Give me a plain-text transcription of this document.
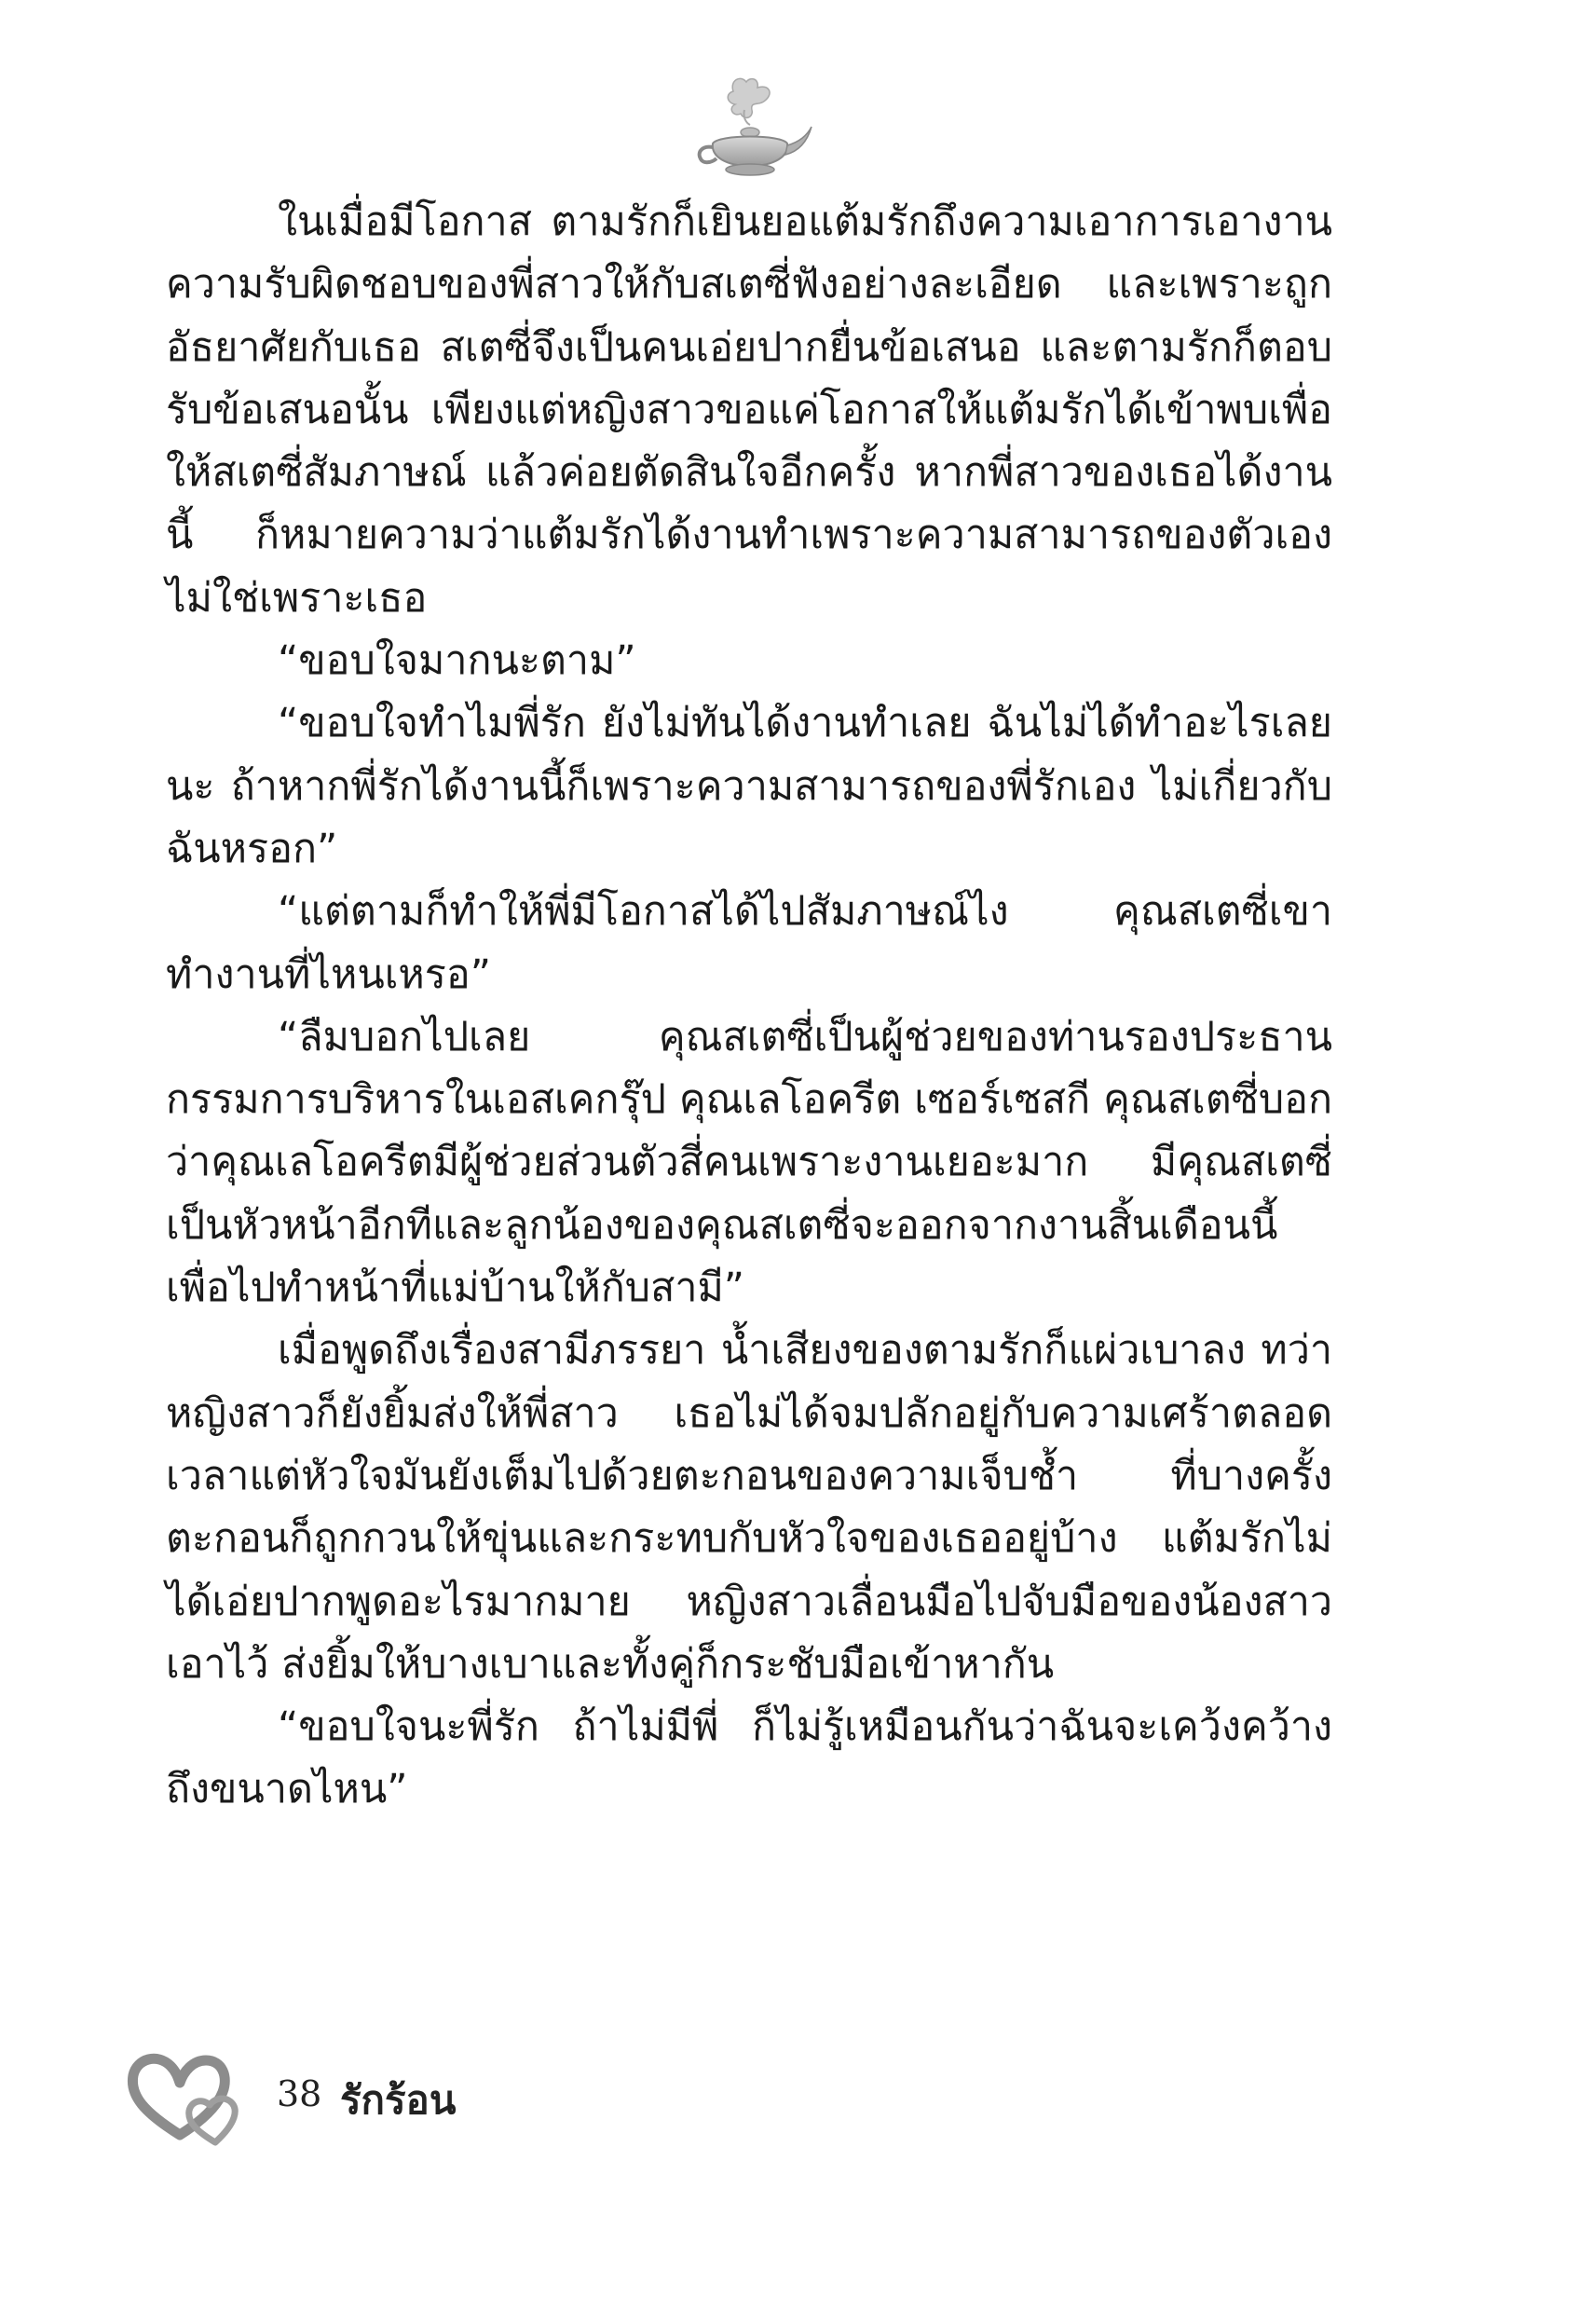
ในเมื่อมีโอกาส ตามรักก็เยินยอแต้มรักถึงความเอาการเอางาน ความรับผิดชอบของพี่สาวให้กับสเตซี่ฟังอย่างละเอียด และเพราะถูกอัธยาศัยกับเธอ สเตซี่จึงเป็นคนเอ่ยปากยื่นข้อเสนอ และตามรักก็ตอบรับข้อเสนอนั้น เพียงแต่หญิงสาวขอแค่โอกาสให้แต้มรักได้เข้าพบเพื่อให้สเตซี่สัมภาษณ์ แล้วค่อยตัดสินใจอีกครั้ง หากพี่สาวของเธอได้งานนี้ ก็หมายความว่าแต้มรักได้งานทำเพราะความสามารถของตัวเองไม่ใช่เพราะเธอ

“ขอบใจมากนะตาม”

“ขอบใจทำไมพี่รัก ยังไม่ทันได้งานทำเลย ฉันไม่ได้ทำอะไรเลยนะ ถ้าหากพี่รักได้งานนี้ก็เพราะความสามารถของพี่รักเอง ไม่เกี่ยวกับฉันหรอก”

“แต่ตามก็ทำให้พี่มีโอกาสได้ไปสัมภาษณ์ไง คุณสเตซี่เขาทำงานที่ไหนเหรอ”

“ลืมบอกไปเลย คุณสเตซี่เป็นผู้ช่วยของท่านรองประธานกรรมการบริหารในเอสเคกรุ๊ป คุณเลโอครีต เซอร์เซสกี คุณสเตซี่บอกว่าคุณเลโอครีตมีผู้ช่วยส่วนตัวสี่คนเพราะงานเยอะมาก มีคุณสเตซี่เป็นหัวหน้าอีกทีและลูกน้องของคุณสเตซี่จะออกจากงานสิ้นเดือนนี้เพื่อไปทำหน้าที่แม่บ้านให้กับสามี”

เมื่อพูดถึงเรื่องสามีภรรยา น้ำเสียงของตามรักก็แผ่วเบาลง ทว่าหญิงสาวก็ยังยิ้มส่งให้พี่สาว เธอไม่ได้จมปลักอยู่กับความเศร้าตลอดเวลาแต่หัวใจมันยังเต็มไปด้วยตะกอนของความเจ็บช้ำ ที่บางครั้งตะกอนก็ถูกกวนให้ขุ่นและกระทบกับหัวใจของเธออยู่บ้าง แต้มรักไม่ได้เอ่ยปากพูดอะไรมากมาย หญิงสาวเลื่อนมือไปจับมือของน้องสาวเอาไว้ ส่งยิ้มให้บางเบาและทั้งคู่ก็กระชับมือเข้าหากัน

“ขอบใจนะพี่รัก ถ้าไม่มีพี่ ก็ไม่รู้เหมือนกันว่าฉันจะเคว้งคว้างถึงขนาดไหน”

38 รักร้อน
